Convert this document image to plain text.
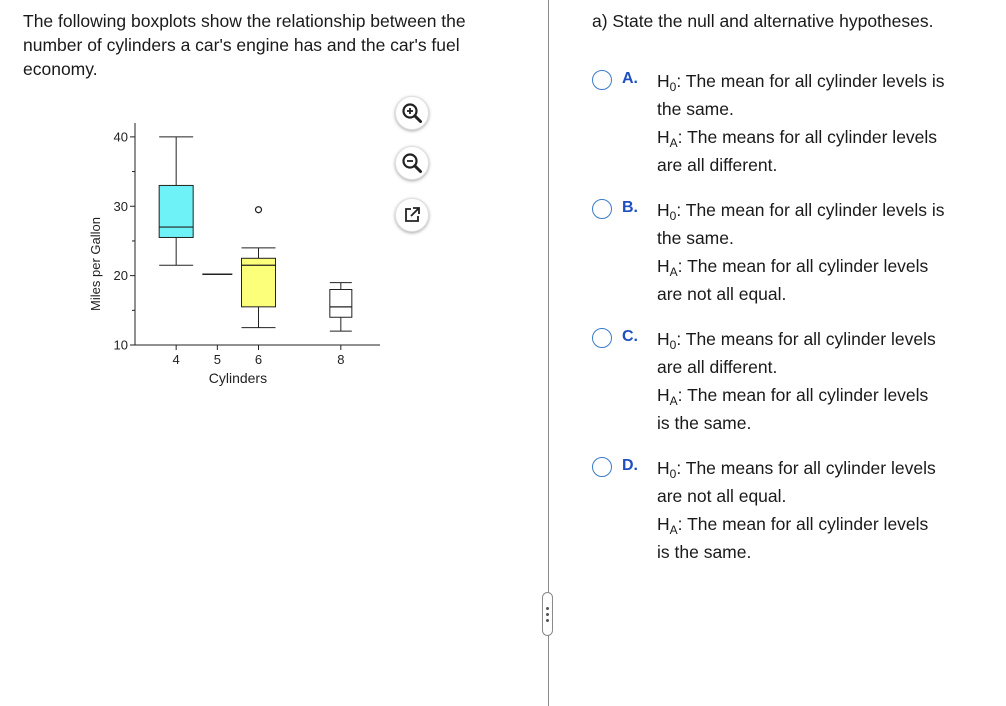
The following boxplots show the relationship between the number of cylinders a car's engine has and the car's fuel economy.

10
20
30
40
4	5	6	8
Cylinders
Miles per Gallon

a) State the null and alternative hypotheses.

A. $H_0$: The mean for all cylinder levels is
the same.
$H_A$: The means for all cylinder levels
are all different.
B. $H_0$: The mean for all cylinder levels is
the same.
$H_A$: The mean for all cylinder levels
are not all equal.
C. $H_0$: The means for all cylinder levels
are all different.
$H_A$: The mean for all cylinder levels
is the same.
D. $H_0$: The means for all cylinder levels
are not all equal.
$H_A$: The mean for all cylinder levels
is the same.
